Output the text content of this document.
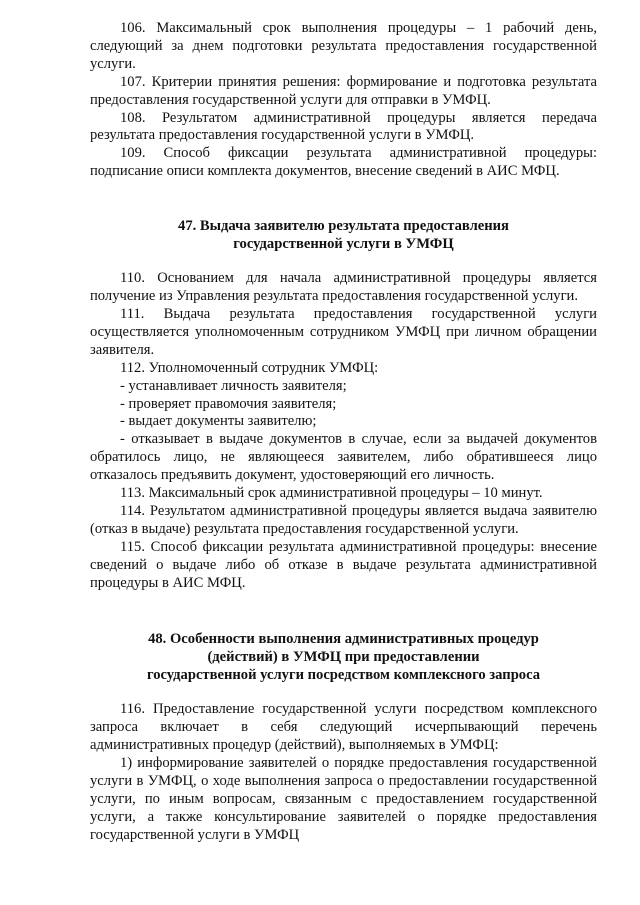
106. Максимальный срок выполнения процедуры – 1 рабочий день, следующий за днем подготовки результата предоставления государственной услуги.

107. Критерии принятия решения: формирование и подготовка результата предоставления государственной услуги для отправки в УМФЦ.

108. Результатом административной процедуры является передача результата предоставления государственной услуги в УМФЦ.

109. Способ фиксации результата административной процедуры: подписание описи комплекта документов, внесение сведений в АИС МФЦ.

47. Выдача заявителю результата предоставления
государственной услуги в УМФЦ

110. Основанием для начала административной процедуры является получение из Управления результата предоставления государственной услуги.

111. Выдача результата предоставления государственной услуги осуществляется уполномоченным сотрудником УМФЦ при личном обращении заявителя.

112. Уполномоченный сотрудник УМФЦ:

- устанавливает личность заявителя;

- проверяет правомочия заявителя;

- выдает документы заявителю;

- отказывает в выдаче документов в случае, если за выдачей документов обратилось лицо, не являющееся заявителем, либо обратившееся лицо отказалось предъявить документ, удостоверяющий его личность.

113. Максимальный срок административной процедуры – 10 минут.

114. Результатом административной процедуры является выдача заявителю (отказ в выдаче) результата предоставления государственной услуги.

115. Способ фиксации результата административной процедуры: внесение сведений о выдаче либо об отказе в выдаче результата административной процедуры в АИС МФЦ.

48. Особенности выполнения административных процедур
(действий) в УМФЦ при предоставлении
государственной услуги посредством комплексного запроса

116. Предоставление государственной услуги посредством комплексного запроса включает в себя следующий исчерпывающий перечень административных процедур (действий), выполняемых в УМФЦ:

1) информирование заявителей о порядке предоставления государственной услуги в УМФЦ, о ходе выполнения запроса о предоставлении государственной услуги, по иным вопросам, связанным с предоставлением государственной услуги, а также консультирование заявителей о порядке предоставления государственной услуги в УМФЦ
